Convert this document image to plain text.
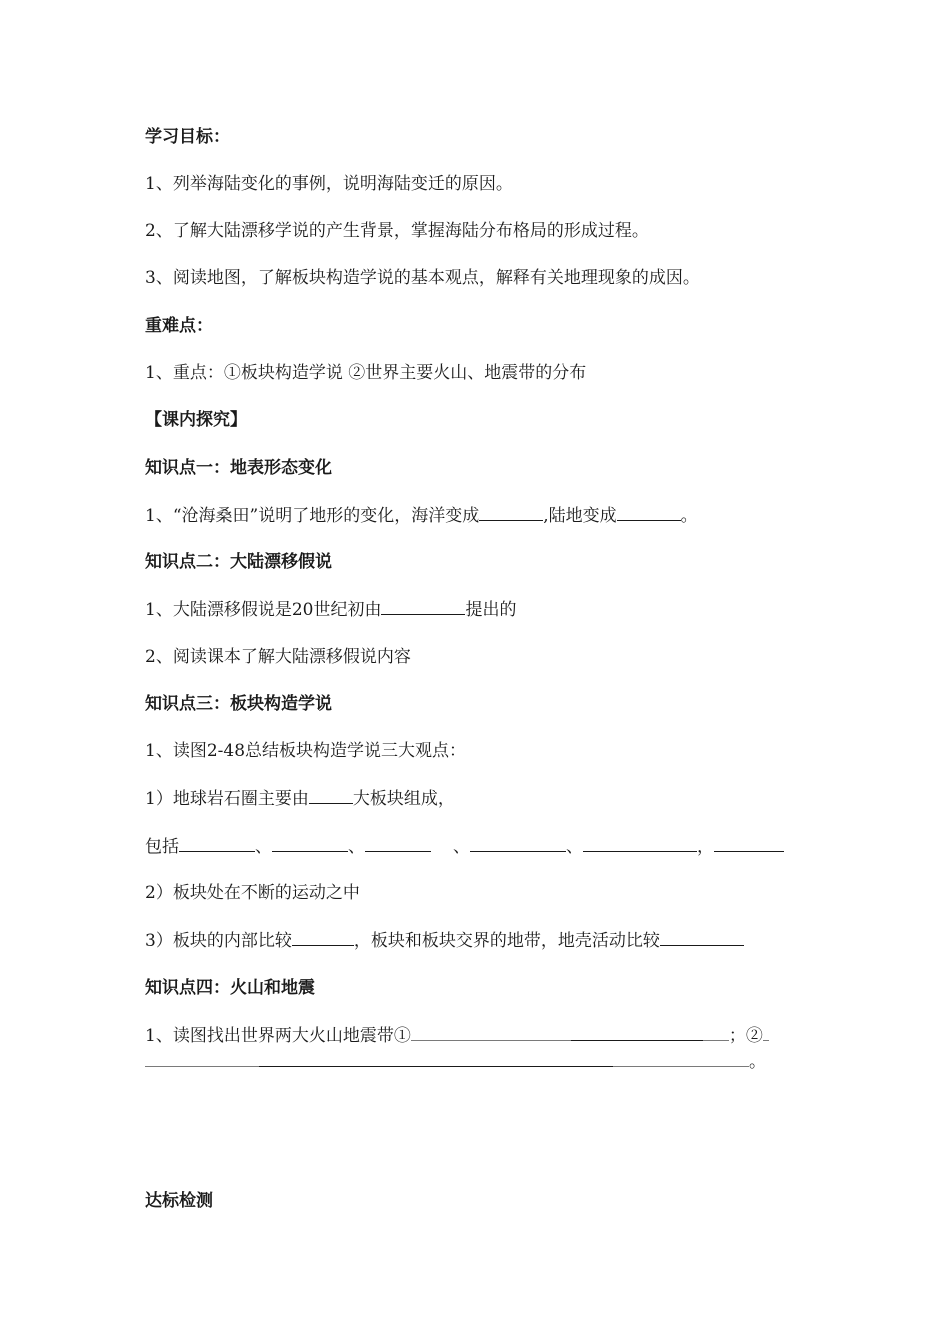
学习目标：
1、列举海陆变化的事例，说明海陆变迁的原因。
2、了解大陆漂移学说的产生背景，掌握海陆分布格局的形成过程。
3、阅读地图，了解板块构造学说的基本观点，解释有关地理现象的成因。
重难点：
1、重点：①板块构造学说 ②世界主要火山、地震带的分布
【课内探究】
知识点一：地表形态变化
1、“沧海桑田”说明了地形的变化，海洋变成	,陆地变成	。
知识点二：大陆漂移假说
1、大陆漂移假说是20世纪初由	提出的
2、阅读课本了解大陆漂移假说内容
知识点三：板块构造学说
1、读图2-48总结板块构造学说三大观点：
1）地球岩石圈主要由	大板块组成，
包括	、	、	、	、	，
2）板块处在不断的运动之中
3）板块的内部比较	，板块和板块交界的地带，地壳活动比较
知识点四：火山和地震
1、读图找出世界两大火山地震带①	；②
。
达标检测
